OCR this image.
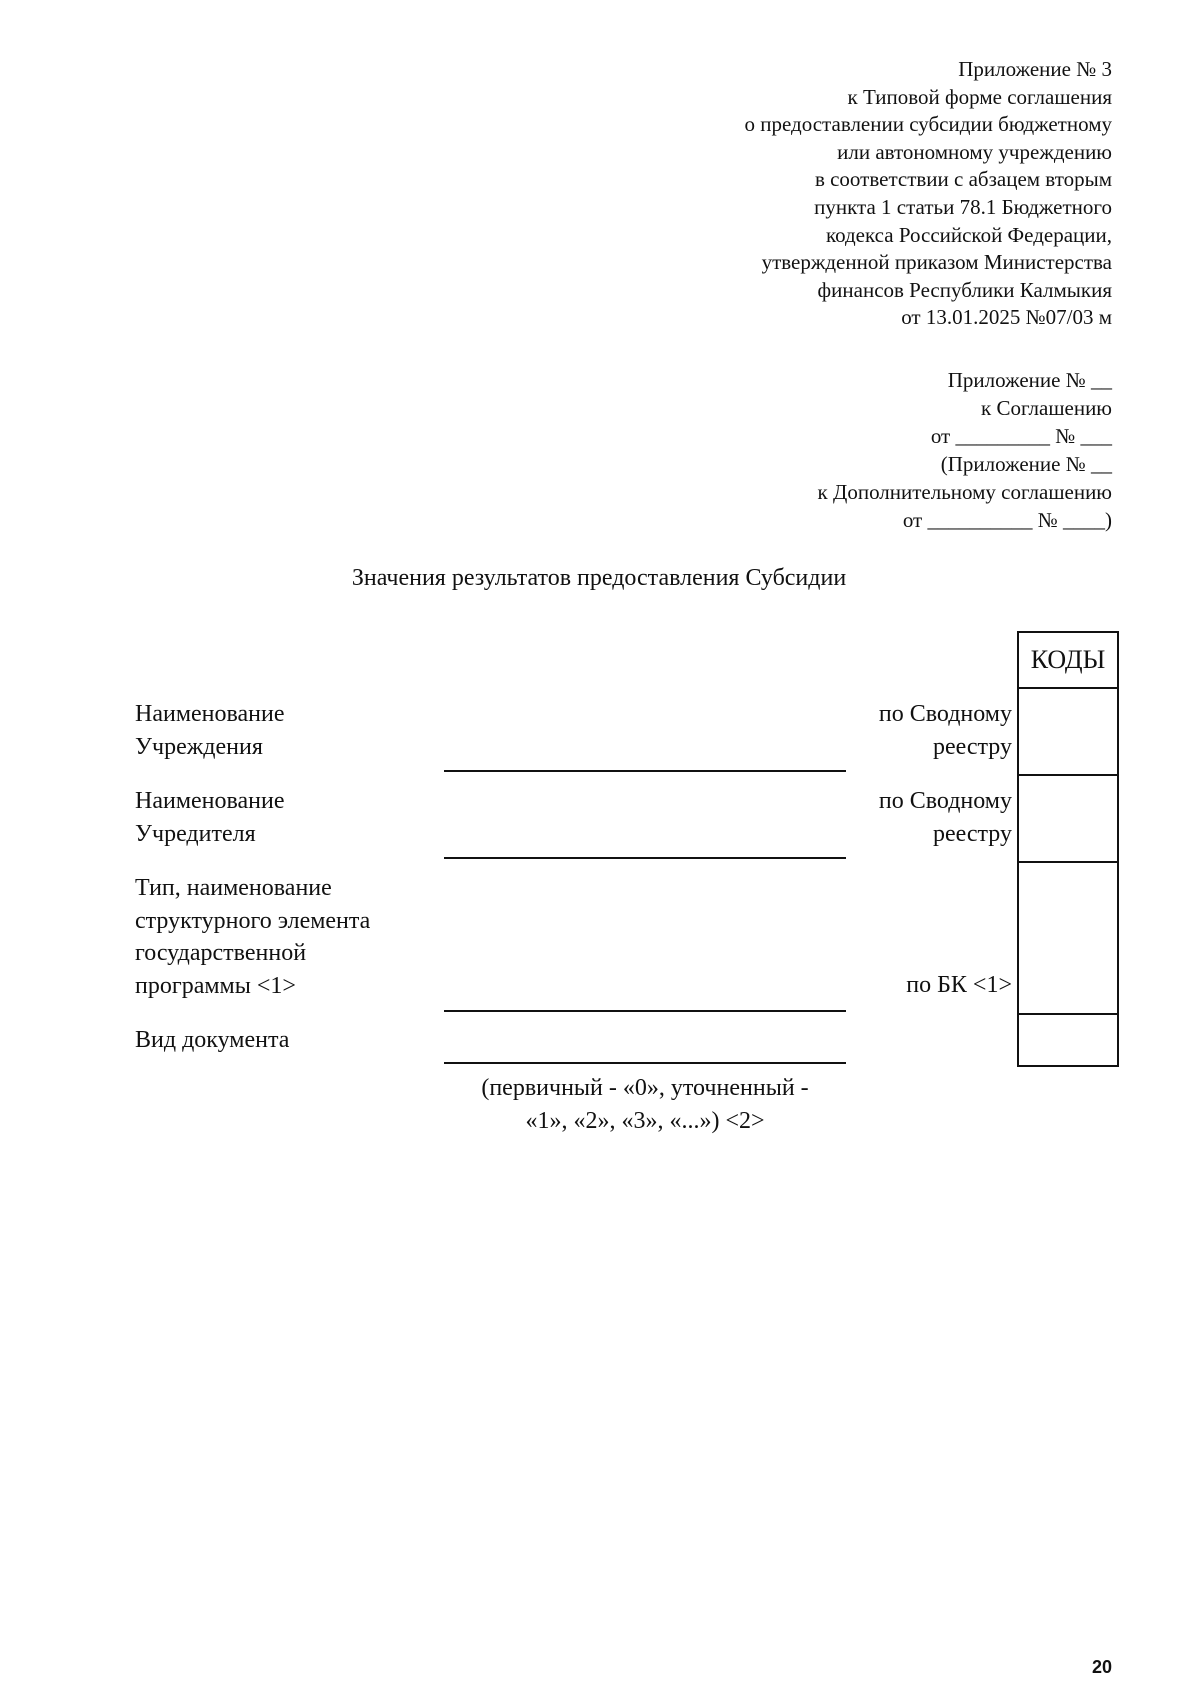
Приложение № 3
к Типовой форме соглашения
о предоставлении субсидии бюджетному
или автономному учреждению
в соответствии с абзацем вторым
пункта 1 статьи 78.1 Бюджетного
кодекса Российской Федерации,
утвержденной приказом Министерства
финансов Республики Калмыкия
от 13.01.2025 №07/03 м
Приложение № __
к Соглашению
от _________ № ___
(Приложение № __
к Дополнительному соглашению
от __________ № ____)
Значения результатов предоставления Субсидии
КОДЫ
Наименование
Учреждения
по Сводному
реестру
Наименование
Учредителя
по Сводному
реестру
Тип, наименование
структурного элемента
государственной
программы <1>	по БК <1>
Вид документа
(первичный - «0», уточненный -
«1», «2», «3», «...») <2>
20
